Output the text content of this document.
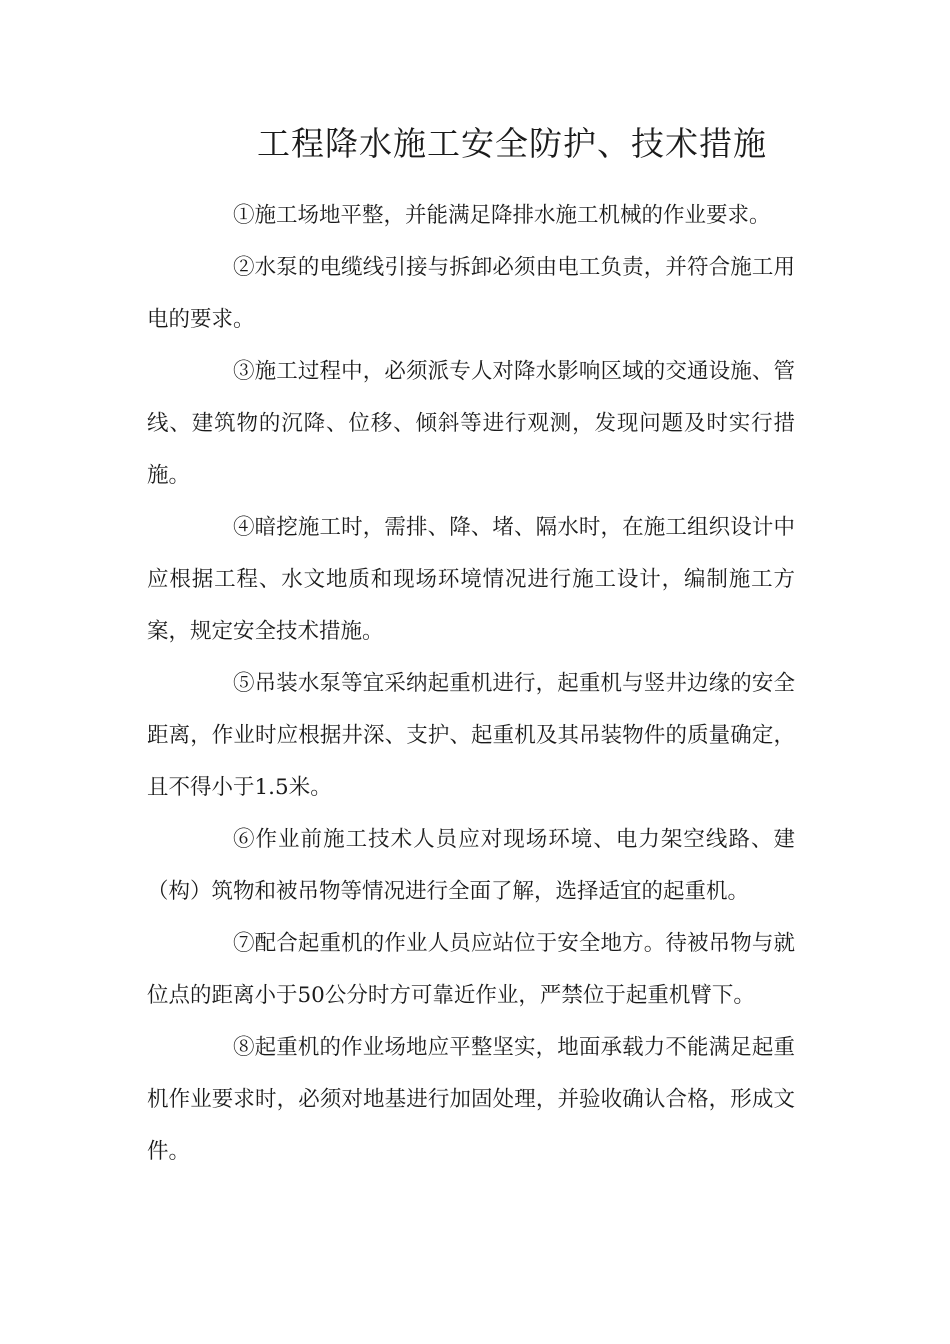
工程降水施工安全防护、技术措施

①施工场地平整，并能满足降排水施工机械的作业要求。

②水泵的电缆线引接与拆卸必须由电工负责，并符合施工用电的要求。

③施工过程中，必须派专人对降水影响区域的交通设施、管线、建筑物的沉降、位移、倾斜等进行观测，发现问题及时实行措施。

④暗挖施工时，需排、降、堵、隔水时，在施工组织设计中应根据工程、水文地质和现场环境情况进行施工设计，编制施工方案，规定安全技术措施。

⑤吊装水泵等宜采纳起重机进行，起重机与竖井边缘的安全距离，作业时应根据井深、支护、起重机及其吊装物件的质量确定，且不得小于1.5米。

⑥作业前施工技术人员应对现场环境、电力架空线路、建（构）筑物和被吊物等情况进行全面了解，选择适宜的起重机。

⑦配合起重机的作业人员应站位于安全地方。待被吊物与就位点的距离小于50公分时方可靠近作业，严禁位于起重机臂下。

⑧起重机的作业场地应平整坚实，地面承载力不能满足起重机作业要求时，必须对地基进行加固处理，并验收确认合格，形成文件。
